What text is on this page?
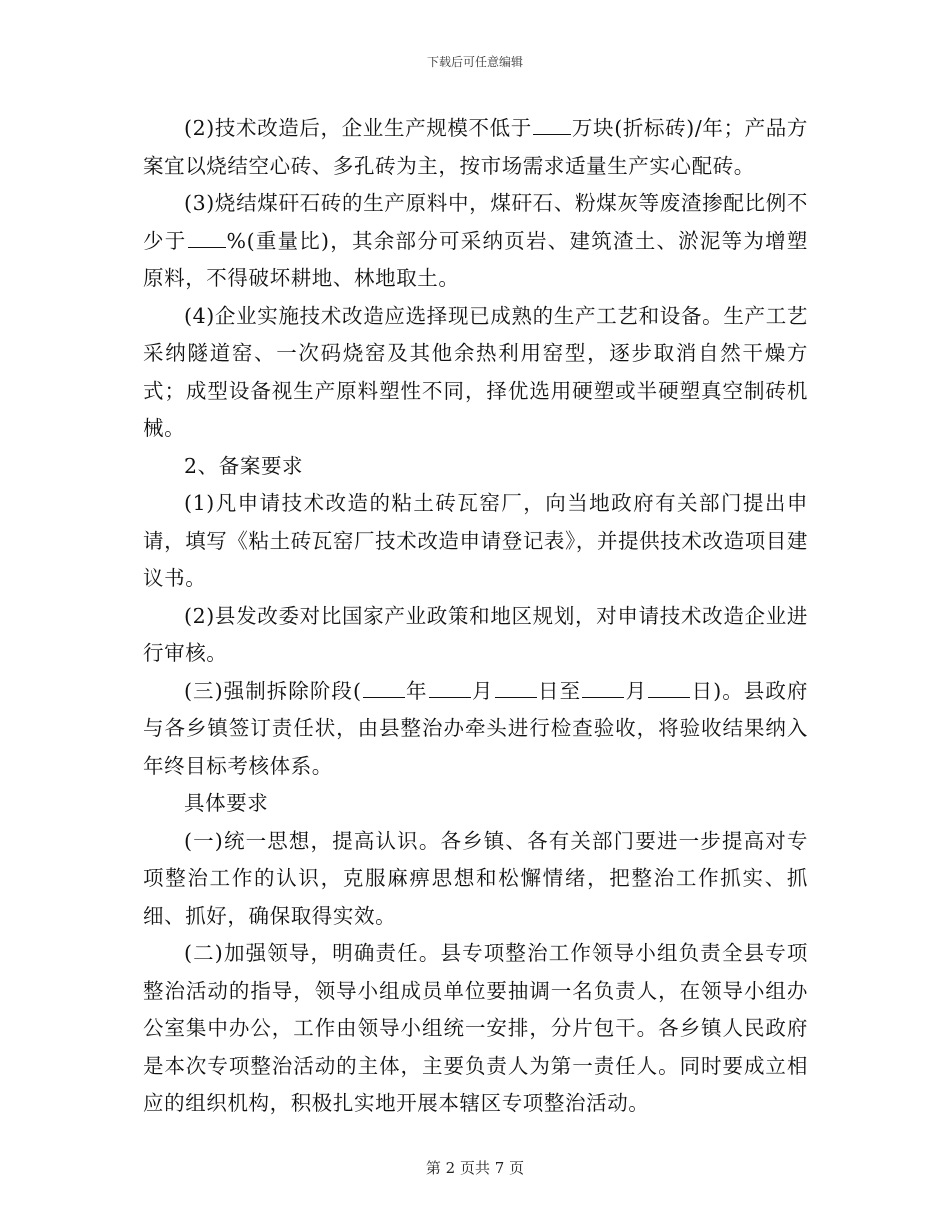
下载后可任意编辑

(2)技术改造后，企业生产规模不低于 万块(折标砖)/年；产品方案宜以烧结空心砖、多孔砖为主，按市场需求适量生产实心配砖。

(3)烧结煤矸石砖的生产原料中，煤矸石、粉煤灰等废渣掺配比例不少于 %(重量比)，其余部分可采纳页岩、建筑渣土、淤泥等为增塑原料，不得破坏耕地、林地取土。

(4)企业实施技术改造应选择现已成熟的生产工艺和设备。生产工艺采纳隧道窑、一次码烧窑及其他余热利用窑型，逐步取消自然干燥方式；成型设备视生产原料塑性不同，择优选用硬塑或半硬塑真空制砖机械。

2、备案要求

(1)凡申请技术改造的粘土砖瓦窑厂，向当地政府有关部门提出申请，填写《粘土砖瓦窑厂技术改造申请登记表》，并提供技术改造项目建议书。

(2)县发改委对比国家产业政策和地区规划，对申请技术改造企业进行审核。

(三)强制拆除阶段( 年 月 日至 月 日)。县政府与各乡镇签订责任状，由县整治办牵头进行检查验收，将验收结果纳入年终目标考核体系。

具体要求

(一)统一思想，提高认识。各乡镇、各有关部门要进一步提高对专项整治工作的认识，克服麻痹思想和松懈情绪，把整治工作抓实、抓细、抓好，确保取得实效。

(二)加强领导，明确责任。县专项整治工作领导小组负责全县专项整治活动的指导，领导小组成员单位要抽调一名负责人，在领导小组办公室集中办公，工作由领导小组统一安排，分片包干。各乡镇人民政府是本次专项整治活动的主体，主要负责人为第一责任人。同时要成立相应的组织机构，积极扎实地开展本辖区专项整治活动。

第 2 页共 7 页
